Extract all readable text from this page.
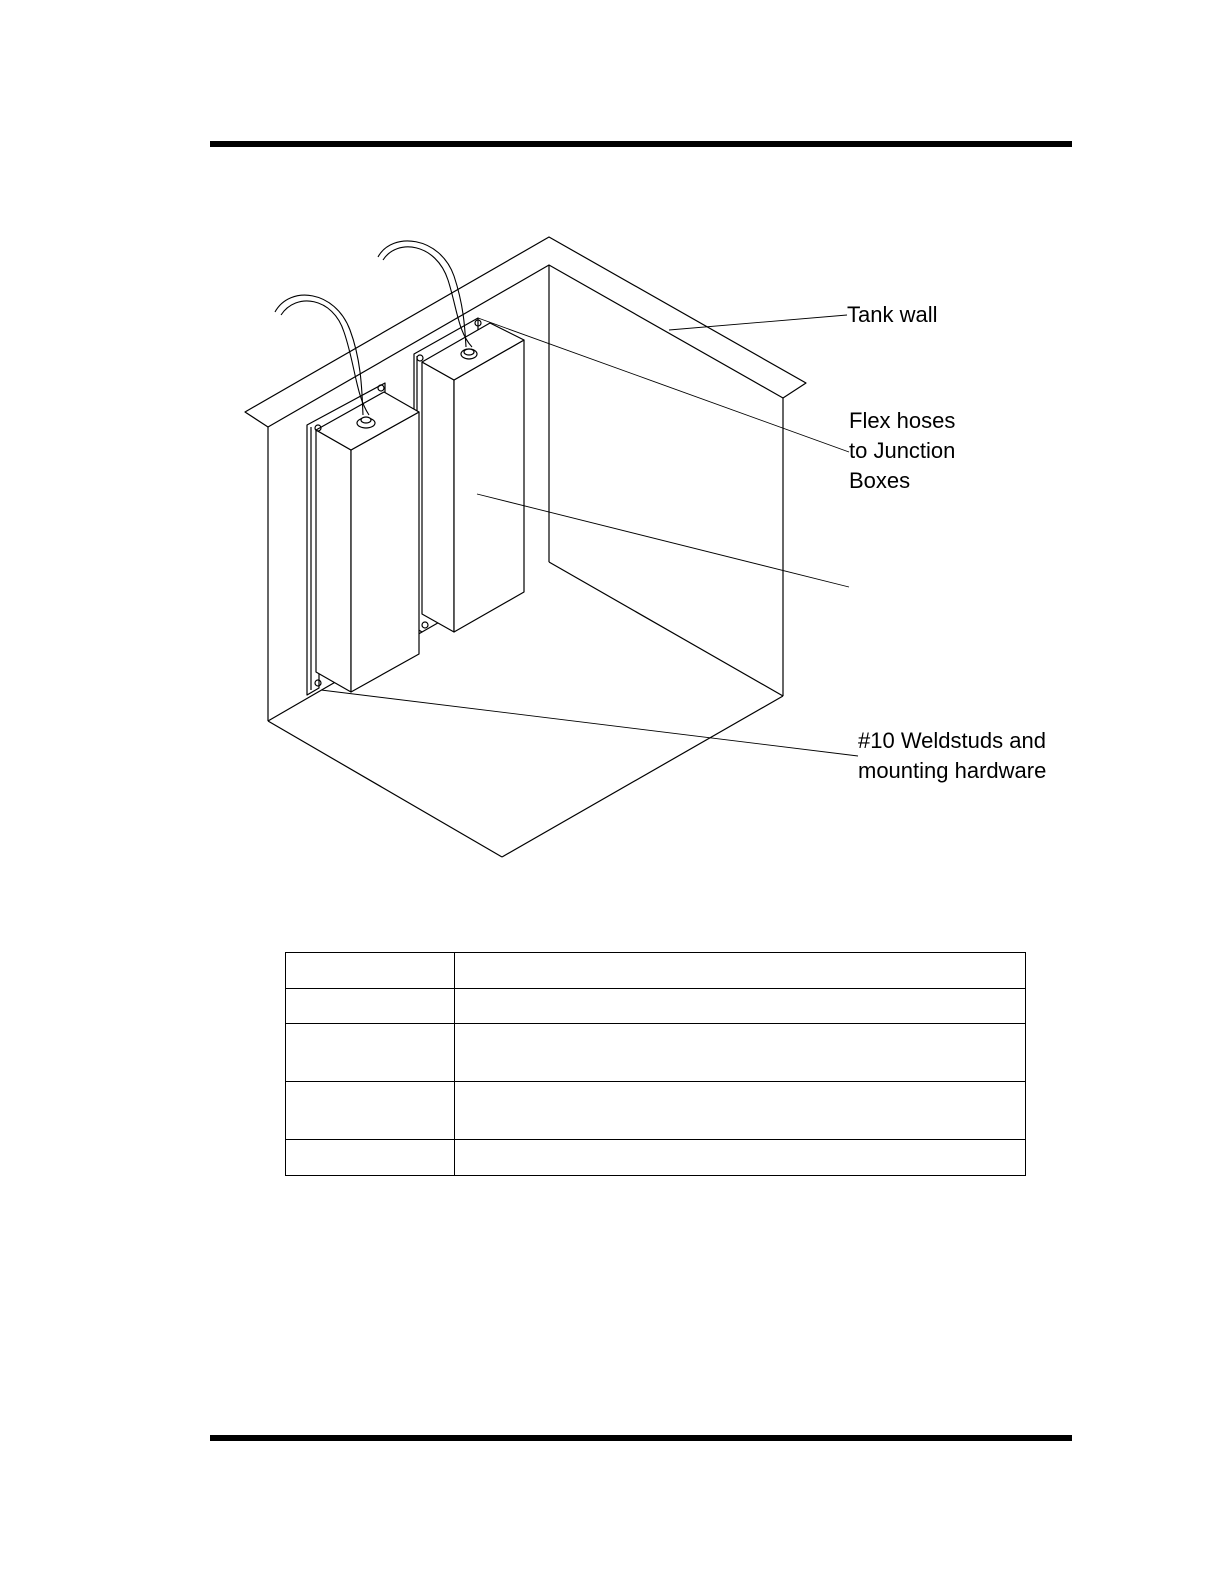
Tank wall
Flex hoses
to Junction
Boxes
#10 Weldstuds and
mounting hardware
